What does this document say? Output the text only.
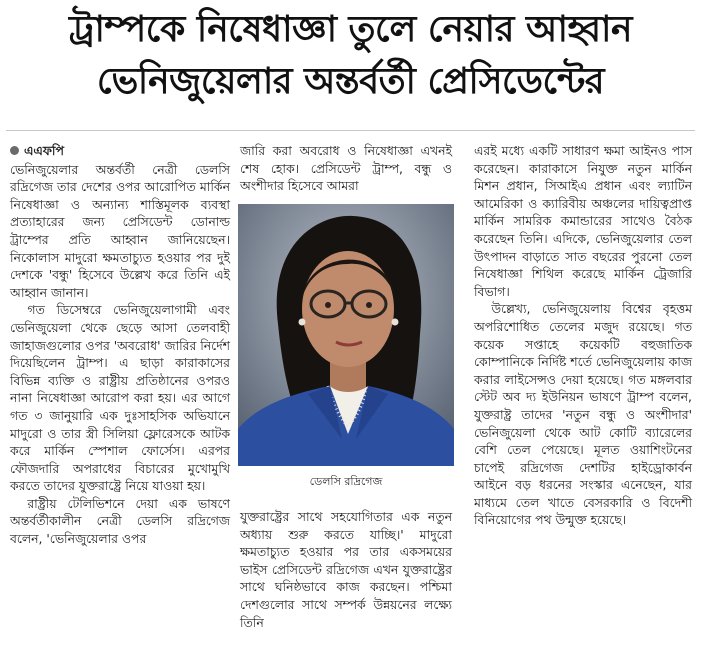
ট্রাম্পকে নিষেধাজ্ঞা তুলে নেয়ার আহ্বান
ভেনিজুয়েলার অন্তর্বর্তী প্রেসিডেন্টের
এএফপি

ভেনিজুয়েলার অন্তর্বর্তী নেত্রী ডেলসি রদ্রিগেজ তার দেশের ওপর আরোপিত মার্কিন নিষেধাজ্ঞা ও অন্যান্য শাস্তিমূলক ব্যবস্থা প্রত্যাহারের জন্য প্রেসিডেন্ট ডোনাল্ড ট্রাম্পের প্রতি আহ্বান জানিয়েছেন। নিকোলাস মাদুরো ক্ষমতাচ্যুত হওয়ার পর দুই দেশকে 'বন্ধু' হিসেবে উল্লেখ করে তিনি এই আহ্বান জানান।

গত ডিসেম্বরে ভেনিজুয়েলাগামী এবং ভেনিজুয়েলা থেকে ছেড়ে আসা তেলবাহী জাহাজগুলোর ওপর 'অবরোধ' জারির নির্দেশ দিয়েছিলেন ট্রাম্প। এ ছাড়া কারাকাসের বিভিন্ন ব্যক্তি ও রাষ্ট্রীয় প্রতিষ্ঠানের ওপরও নানা নিষেধাজ্ঞা আরোপ করা হয়। এর আগে গত ৩ জানুয়ারি এক দুঃসাহসিক অভিযানে মাদুরো ও তার স্ত্রী সিলিয়া ফ্লোরেসকে আটক করে মার্কিন স্পেশাল ফোর্সেস। এরপর ফৌজদারি অপরাধের বিচারের মুখোমুখি করতে তাদের যুক্তরাষ্ট্রে নিয়ে যাওয়া হয়।

রাষ্ট্রীয় টেলিভিশনে দেয়া এক ভাষণে অন্তর্বর্তীকালীন নেত্রী ডেলসি রদ্রিগেজ বলেন, 'ভেনিজুয়েলার ওপর

জারি করা অবরোধ ও নিষেধাজ্ঞা এখনই শেষ হোক। প্রেসিডেন্ট ট্রাম্প, বন্ধু ও অংশীদার হিসেবে আমরা

ডেলসি রদ্রিগেজ

যুক্তরাষ্ট্রের সাথে সহযোগিতার এক নতুন অধ্যায় শুরু করতে যাচ্ছি।' মাদুরো ক্ষমতাচ্যুত হওয়ার পর তার একসময়ের ভাইস প্রেসিডেন্ট রদ্রিগেজ এখন যুক্তরাষ্ট্রের সাথে ঘনিষ্ঠভাবে কাজ করছেন। পশ্চিমা দেশগুলোর সাথে সম্পর্ক উন্নয়নের লক্ষ্যে তিনি

এরই মধ্যে একটি সাধারণ ক্ষমা আইনও পাস করেছেন। কারাকাসে নিযুক্ত নতুন মার্কিন মিশন প্রধান, সিআইএ প্রধান এবং ল্যাটিন আমেরিকা ও ক্যারিবীয় অঞ্চলের দায়িত্বপ্রাপ্ত মার্কিন সামরিক কমান্ডারের সাথেও বৈঠক করেছেন তিনি। এদিকে, ভেনিজুয়েলার তেল উৎপাদন বাড়াতে সাত বছরের পুরনো তেল নিষেধাজ্ঞা শিথিল করেছে মার্কিন ট্রেজারি বিভাগ।

উল্লেখ্য, ভেনিজুয়েলায় বিশ্বের বৃহত্তম অপরিশোধিত তেলের মজুদ রয়েছে। গত কয়েক সপ্তাহে কয়েকটি বহুজাতিক কোম্পানিকে নির্দিষ্ট শর্তে ভেনিজুয়েলায় কাজ করার লাইসেন্সও দেয়া হয়েছে। গত মঙ্গলবার স্টেট অব দ্য ইউনিয়ন ভাষণে ট্রাম্প বলেন, যুক্তরাষ্ট্র তাদের 'নতুন বন্ধু ও অংশীদার' ভেনিজুয়েলা থেকে আট কোটি ব্যারেলের বেশি তেল পেয়েছে। মূলত ওয়াশিংটনের চাপেই রদ্রিগেজ দেশটির হাইড্রোকার্বন আইনে বড় ধরনের সংস্কার এনেছেন, যার মাধ্যমে তেল খাতে বেসরকারি ও বিদেশী বিনিয়োগের পথ উন্মুক্ত হয়েছে।
